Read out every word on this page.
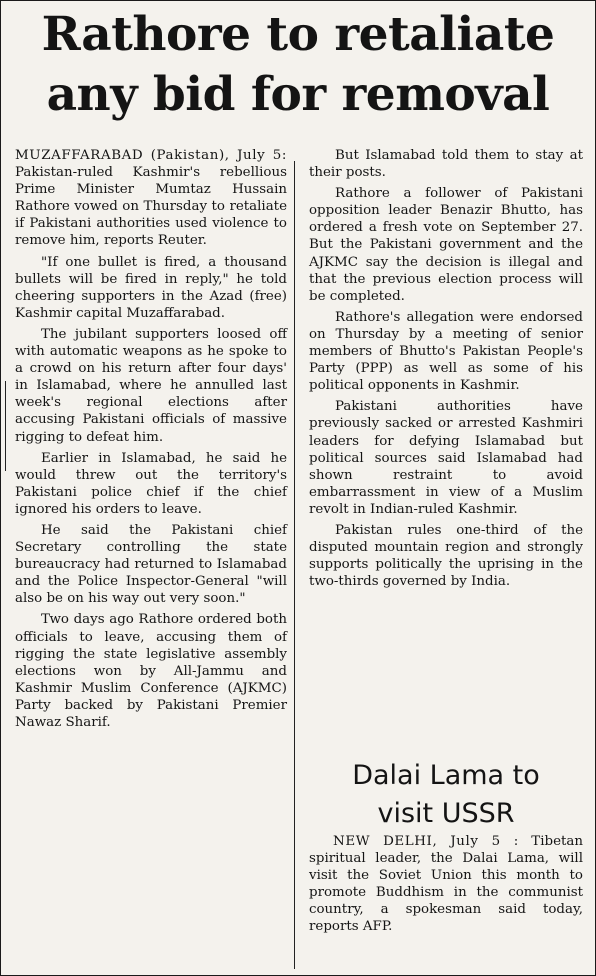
Rathore to retaliate
any bid for removal

MUZAFFARABAD (Pakistan), July 5: Pakistan-ruled Kashmir's rebellious Prime Minister Mumtaz Hussain Rathore vowed on Thursday to retaliate if Pakistani authorities used violence to remove him, reports Reuter.

"If one bullet is fired, a thousand bullets will be fired in reply," he told cheering supporters in the Azad (free) Kashmir capital Muzaffarabad.

The jubilant supporters loosed off with automatic weapons as he spoke to a crowd on his return after four days' in Islamabad, where he annulled last week's regional elections after accusing Pakistani officials of massive rigging to defeat him.

Earlier in Islamabad, he said he would threw out the territory's Pakistani police chief if the chief ignored his orders to leave.

He said the Pakistani chief Secretary controlling the state bureaucracy had returned to Islamabad and the Police Inspector-General "will also be on his way out very soon."

Two days ago Rathore ordered both officials to leave, accusing them of rigging the state legislative assembly elections won by All-Jammu and Kashmir Muslim Conference (AJKMC) Party backed by Pakistani Premier Nawaz Sharif.

But Islamabad told them to stay at their posts.

Rathore a follower of Pakistani opposition leader Benazir Bhutto, has ordered a fresh vote on September 27. But the Pakistani government and the AJKMC say the decision is illegal and that the previous election process will be completed.

Rathore's allegation were endorsed on Thursday by a meeting of senior members of Bhutto's Pakistan People's Party (PPP) as well as some of his political opponents in Kashmir.

Pakistani authorities have previously sacked or arrested Kashmiri leaders for defying Islamabad but political sources said Islamabad had shown restraint to avoid embarrassment in view of a Muslim revolt in Indian-ruled Kashmir.

Pakistan rules one-third of the disputed mountain region and strongly supports politically the uprising in the two-thirds governed by India.

Dalai Lama to
visit USSR

NEW DELHI, July 5 : Tibetan spiritual leader, the Dalai Lama, will visit the Soviet Union this month to promote Buddhism in the communist country, a spokesman said today, reports AFP.
